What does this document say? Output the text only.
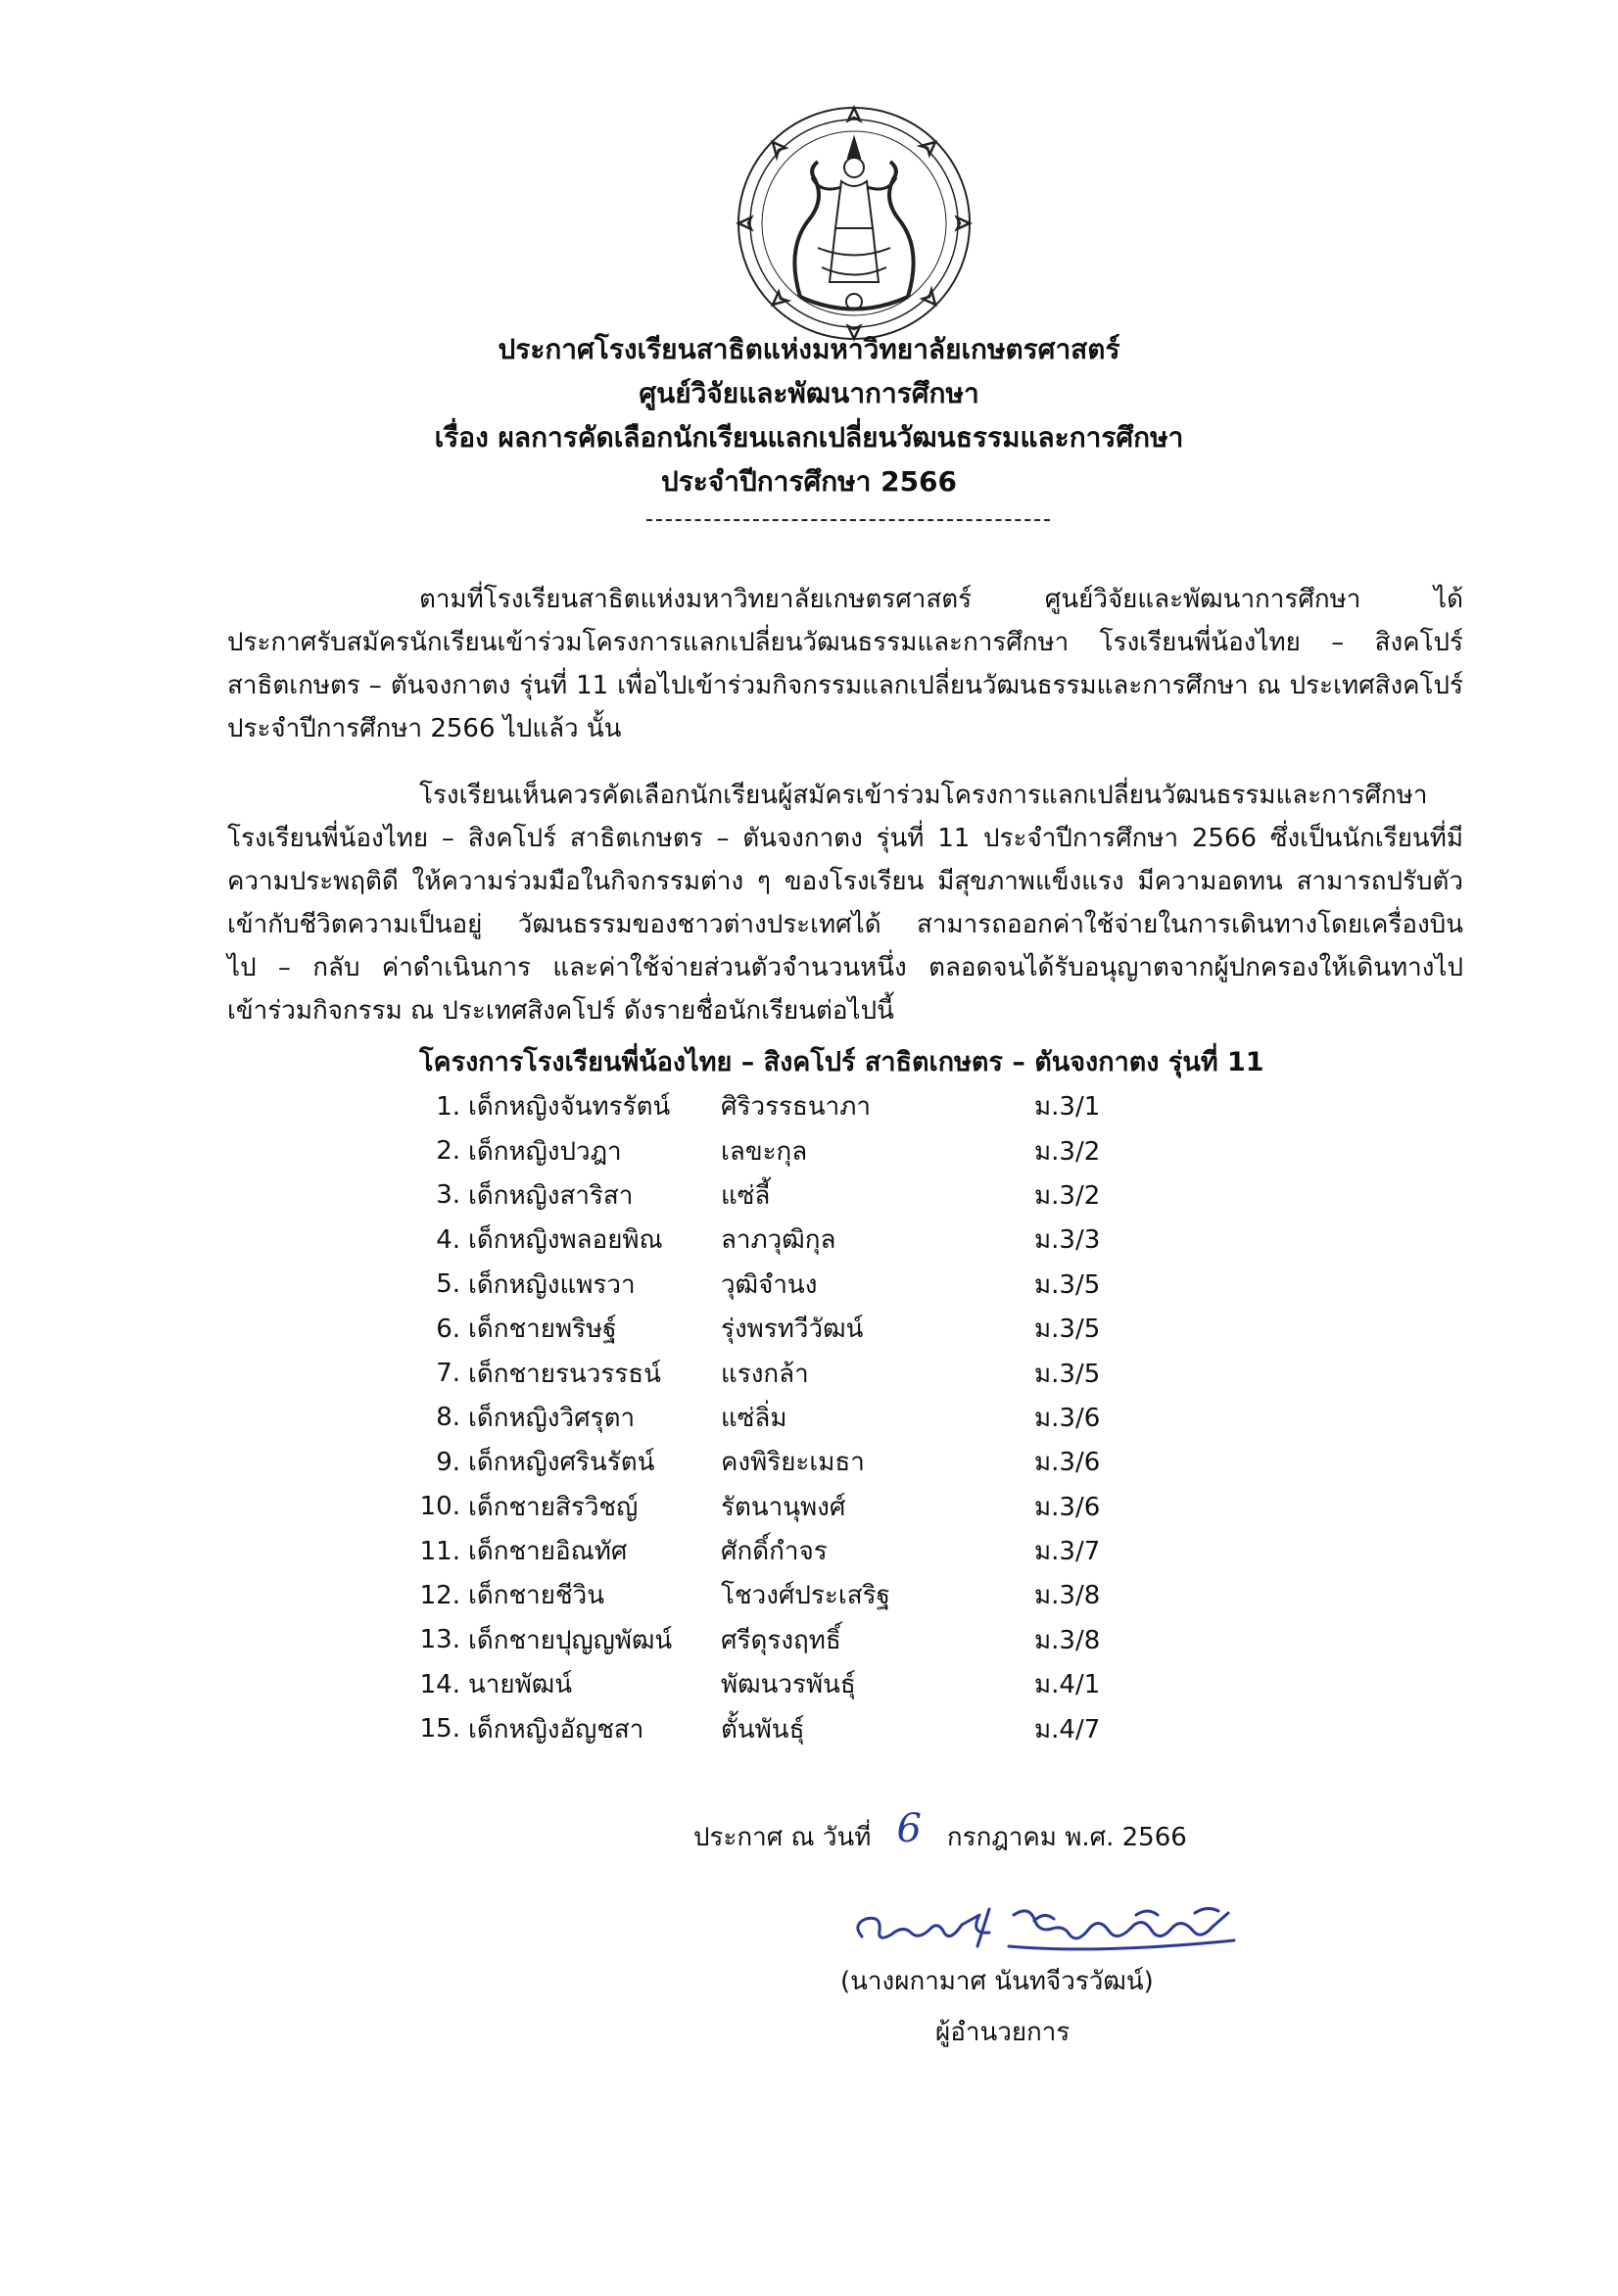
ประกาศโรงเรียนสาธิตแห่งมหาวิทยาลัยเกษตรศาสตร์
ศูนย์วิจัยและพัฒนาการศึกษา
เรื่อง ผลการคัดเลือกนักเรียนแลกเปลี่ยนวัฒนธรรมและการศึกษา
ประจำปีการศึกษา 2566
ตามที่โรงเรียนสาธิตแห่งมหาวิทยาลัยเกษตรศาสตร์ ศูนย์วิจัยและพัฒนาการศึกษา ได้
ประกาศรับสมัครนักเรียนเข้าร่วมโครงการแลกเปลี่ยนวัฒนธรรมและการศึกษา โรงเรียนพี่น้องไทย – สิงคโปร์
สาธิตเกษตร – ตันจงกาตง รุ่นที่ 11 เพื่อไปเข้าร่วมกิจกรรมแลกเปลี่ยนวัฒนธรรมและการศึกษา ณ ประเทศสิงคโปร์
ประจำปีการศึกษา 2566 ไปแล้ว นั้น
โรงเรียนเห็นควรคัดเลือกนักเรียนผู้สมัครเข้าร่วมโครงการแลกเปลี่ยนวัฒนธรรมและการศึกษา
โรงเรียนพี่น้องไทย – สิงคโปร์ สาธิตเกษตร – ตันจงกาตง รุ่นที่ 11 ประจำปีการศึกษา 2566 ซึ่งเป็นนักเรียนที่มี
ความประพฤติดี ให้ความร่วมมือในกิจกรรมต่าง ๆ ของโรงเรียน มีสุขภาพแข็งแรง มีความอดทน สามารถปรับตัว
เข้ากับชีวิตความเป็นอยู่ วัฒนธรรมของชาวต่างประเทศได้ สามารถออกค่าใช้จ่ายในการเดินทางโดยเครื่องบิน
ไป – กลับ ค่าดำเนินการ และค่าใช้จ่ายส่วนตัวจำนวนหนึ่ง ตลอดจนได้รับอนุญาตจากผู้ปกครองให้เดินทางไป
เข้าร่วมกิจกรรม ณ ประเทศสิงคโปร์ ดังรายชื่อนักเรียนต่อไปนี้
โครงการโรงเรียนพี่น้องไทย – สิงคโปร์ สาธิตเกษตร – ตันจงกาตง รุ่นที่ 11
1. เด็กหญิงจันทรรัตน์	ศิริวรรธนาภา	ม.3/1
2. เด็กหญิงปวฎา	เลขะกุล	ม.3/2
3. เด็กหญิงสาริสา	แซ่ลี้	ม.3/2
4. เด็กหญิงพลอยพิณ	ลาภวุฒิกุล	ม.3/3
5. เด็กหญิงแพรวา	วุฒิจำนง	ม.3/5
6. เด็กชายพริษฐ์	รุ่งพรทวีวัฒน์	ม.3/5
7. เด็กชายรนวรรธน์	แรงกล้า	ม.3/5
8. เด็กหญิงวิศรุตา	แซ่ลิ่ม	ม.3/6
9. เด็กหญิงศรินรัตน์	คงพิริยะเมธา	ม.3/6
10. เด็กชายสิรวิชญ์	รัตนานุพงศ์	ม.3/6
11. เด็กชายอิณทัศ	ศักดิ์กำจร	ม.3/7
12. เด็กชายชีวิน	โชวงศ์ประเสริฐ	ม.3/8
13. เด็กชายปุญญพัฒน์	ศรีดุรงฤทธิ์	ม.3/8
14. นายพัฒน์	พัฒนวรพันธุ์	ม.4/1
15. เด็กหญิงอัญชสา	ตั้นพันธุ์	ม.4/7
ประกาศ ณ วันที่ 6 กรกฎาคม พ.ศ. 2566
(นางผกามาศ นันทจีวรวัฒน์)
ผู้อำนวยการ
